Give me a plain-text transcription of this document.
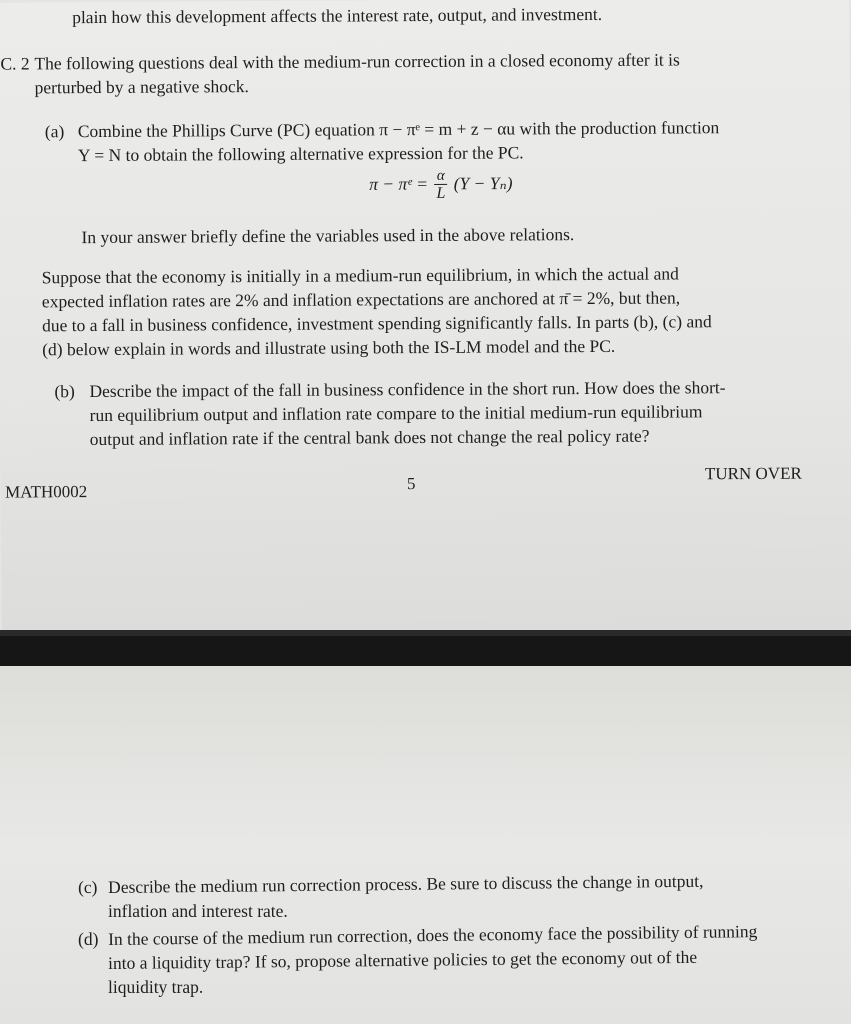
plain how this development affects the interest rate, output, and investment.
C. 2 The following questions deal with the medium-run correction in a closed economy after it is
perturbed by a negative shock.
(a) Combine the Phillips Curve (PC) equation π − πᵉ = m + z − αu with the production function
Y = N to obtain the following alternative expression for the PC.
π − πᵉ = $\frac{\alpha}{L} (Y - Y_n)$
In your answer briefly define the variables used in the above relations.
Suppose that the economy is initially in a medium-run equilibrium, in which the actual and
expected inflation rates are 2% and inflation expectations are anchored at π̄ = 2%, but then,
due to a fall in business confidence, investment spending significantly falls. In parts (b), (c) and
(d) below explain in words and illustrate using both the IS-LM model and the PC.
(b) Describe the impact of the fall in business confidence in the short run. How does the short-
run equilibrium output and inflation rate compare to the initial medium-run equilibrium
output and inflation rate if the central bank does not change the real policy rate?
MATH0002	5
TURN OVER
(c) Describe the medium run correction process. Be sure to discuss the change in output,
inflation and interest rate.
(d) In the course of the medium run correction, does the economy face the possibility of running
into a liquidity trap? If so, propose alternative policies to get the economy out of the
liquidity trap.
